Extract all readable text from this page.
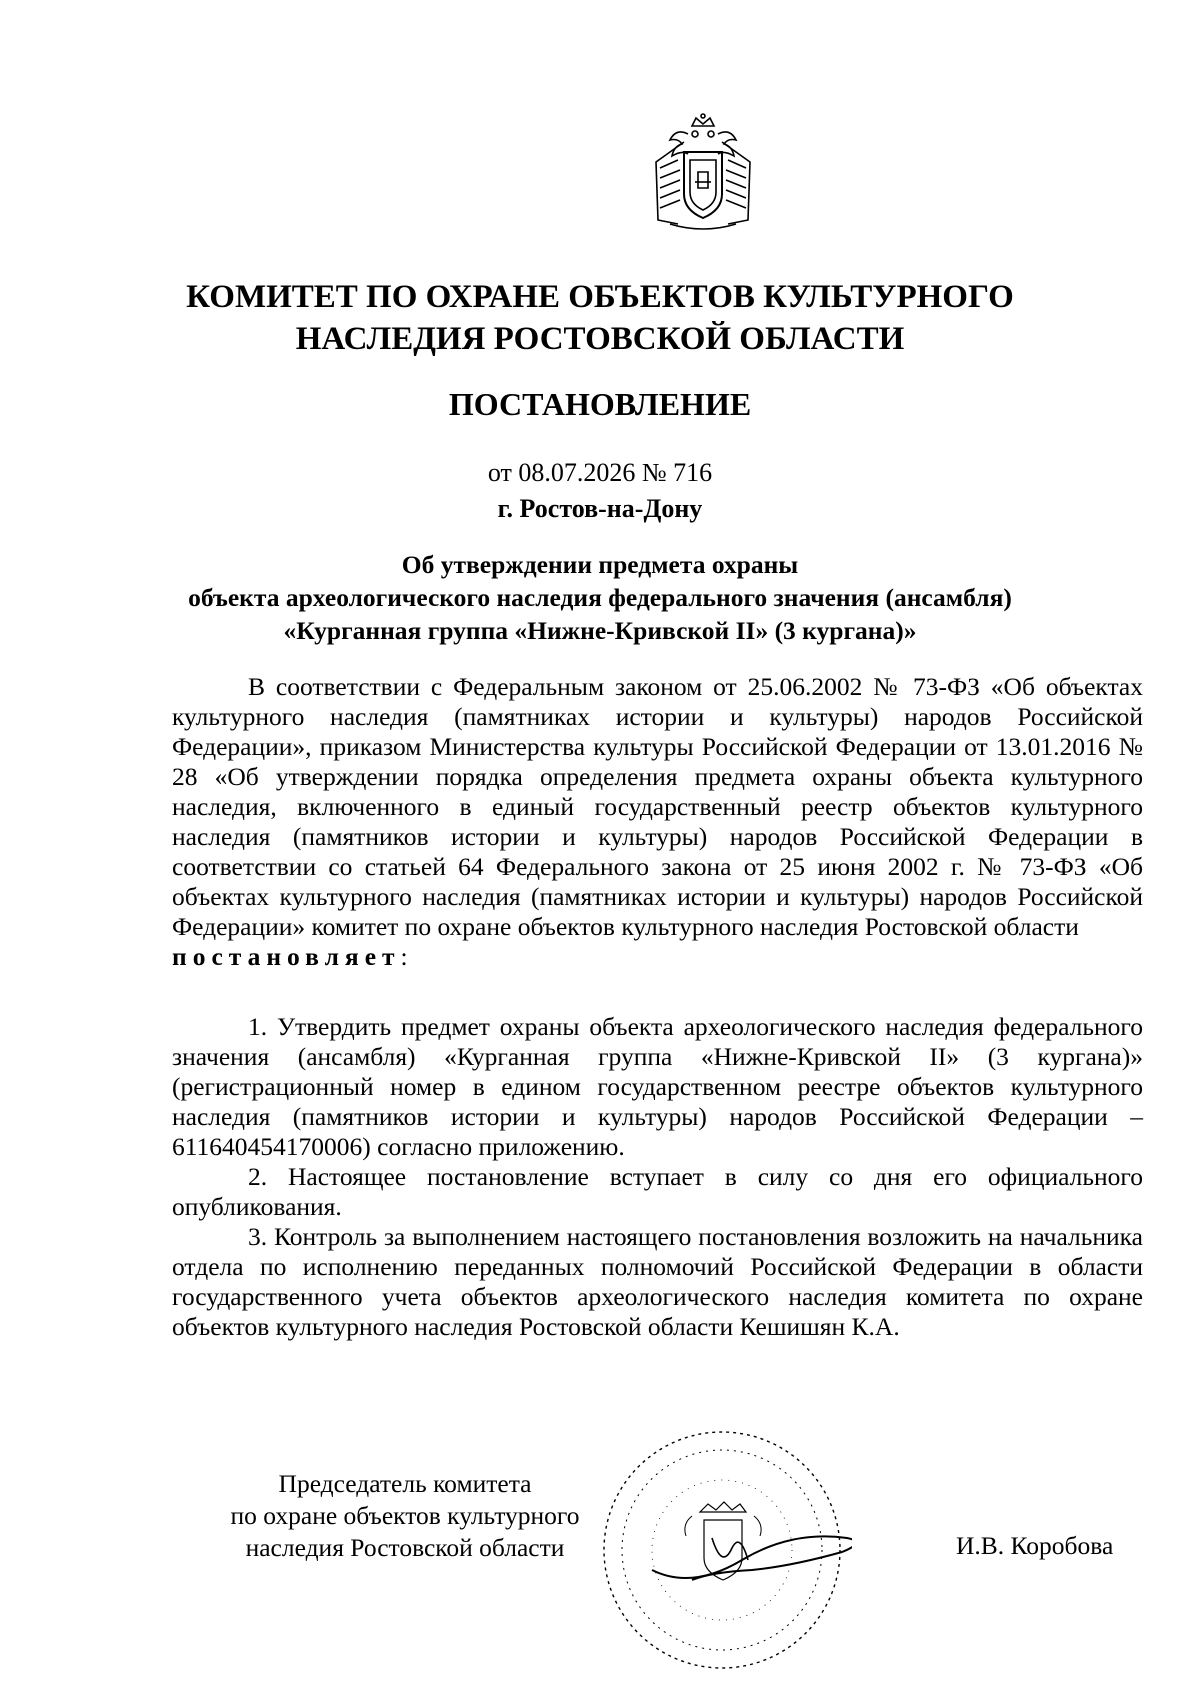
КОМИТЕТ ПО ОХРАНЕ ОБЪЕКТОВ КУЛЬТУРНОГО
НАСЛЕДИЯ РОСТОВСКОЙ ОБЛАСТИ
ПОСТАНОВЛЕНИЕ
от 08.07.2026 № 716
г. Ростов-на-Дону
Об утверждении предмета охраны
объекта археологического наследия федерального значения (ансамбля)
«Курганная группа «Нижне-Кривской II» (3 кургана)»

В соответствии с Федеральным законом от 25.06.2002 № 73-ФЗ «Об объектах культурного наследия (памятниках истории и культуры) народов Российской Федерации», приказом Министерства культуры Российской Федерации от 13.01.2016 № 28 «Об утверждении порядка определения предмета охраны объекта культурного наследия, включенного в единый государственный реестр объектов культурного наследия (памятников истории и культуры) народов Российской Федерации в соответствии со статьей 64 Федерального закона от 25 июня 2002 г. № 73-ФЗ «Об объектах культурного наследия (памятниках истории и культуры) народов Российской Федерации» комитет по охране объектов культурного наследия Ростовской области

постановляет:

1. Утвердить предмет охраны объекта археологического наследия федерального значения (ансамбля) «Курганная группа «Нижне-Кривской II» (3 кургана)» (регистрационный номер в едином государственном реестре объектов культурного наследия (памятников истории и культуры) народов Российской Федерации – 611640454170006) согласно приложению.

2. Настоящее постановление вступает в силу со дня его официального опубликования.

3. Контроль за выполнением настоящего постановления возложить на начальника отдела по исполнению переданных полномочий Российской Федерации в области государственного учета объектов археологического наследия комитета по охране объектов культурного наследия Ростовской области Кешишян К.А.

Председатель комитета
по охране объектов культурного
наследия Ростовской области	И.В. Коробова
